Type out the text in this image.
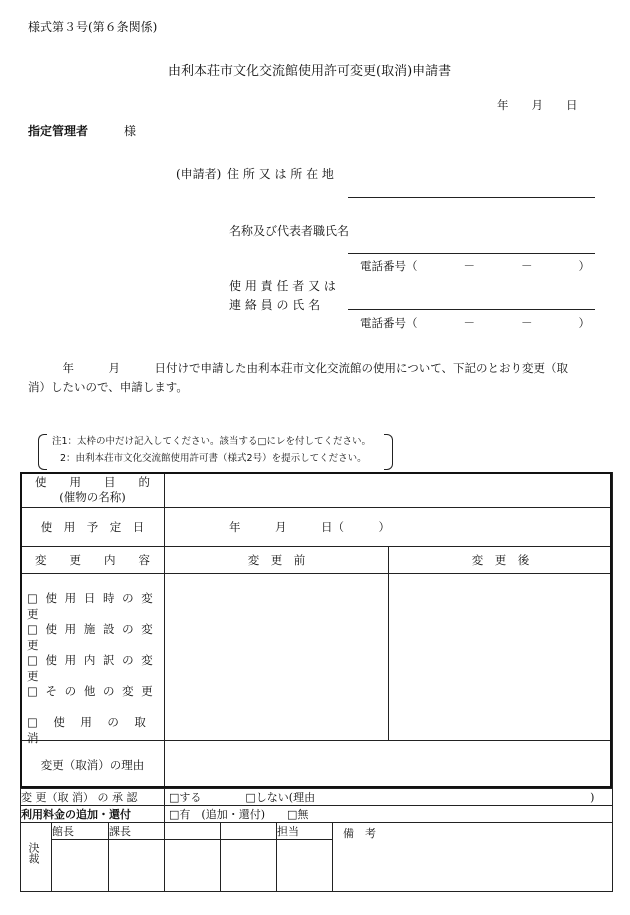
様式第３号(第６条関係)
由利本荘市文化交流館使用許可変更(取消)申請書
年　　月　　日
指定管理者	様
(申請者) 住 所 又 は 所 在 地
名称及び代表者職氏名
電話番号（　　　　－　　　　－　　　　）
使 用 責 任 者 又 は
連 絡 員 の 氏 名
電話番号（　　　　－　　　　－　　　　）
　　　年　　　月　　　日付けで申請した由利本荘市文化交流館の使用について、下記のとおり変更（取
消）したいので、申請します。
注1：太枠の中だけ記入してください。該当する□にレを付してください。
2：由利本荘市文化交流館使用許可書（様式2号）を提示してください。
使　　用　　目　　的
(催物の名称)		

使　用　予　定　日	年　　　月　　　日（　　　）	
変　　更　　内　　容	変　更　前	変　更　後

□ 使 用 日 時 の 変 更
□ 使 用 施 設 の 変 更
□ 使 用 内 訳 の 変 更
□ そ の 他 の 変 更
□　使　用　の　取　消		

変更（取消）の理由		
変 更（取 消） の 承 認			□する　　　　□しない(理由　　　　　　　　　　　　　　　　　　　　　　　　　)			
利用料金の追加・還付			□有　(追加・還付)　　□無			
決裁	館長	課長			担当	備　考
